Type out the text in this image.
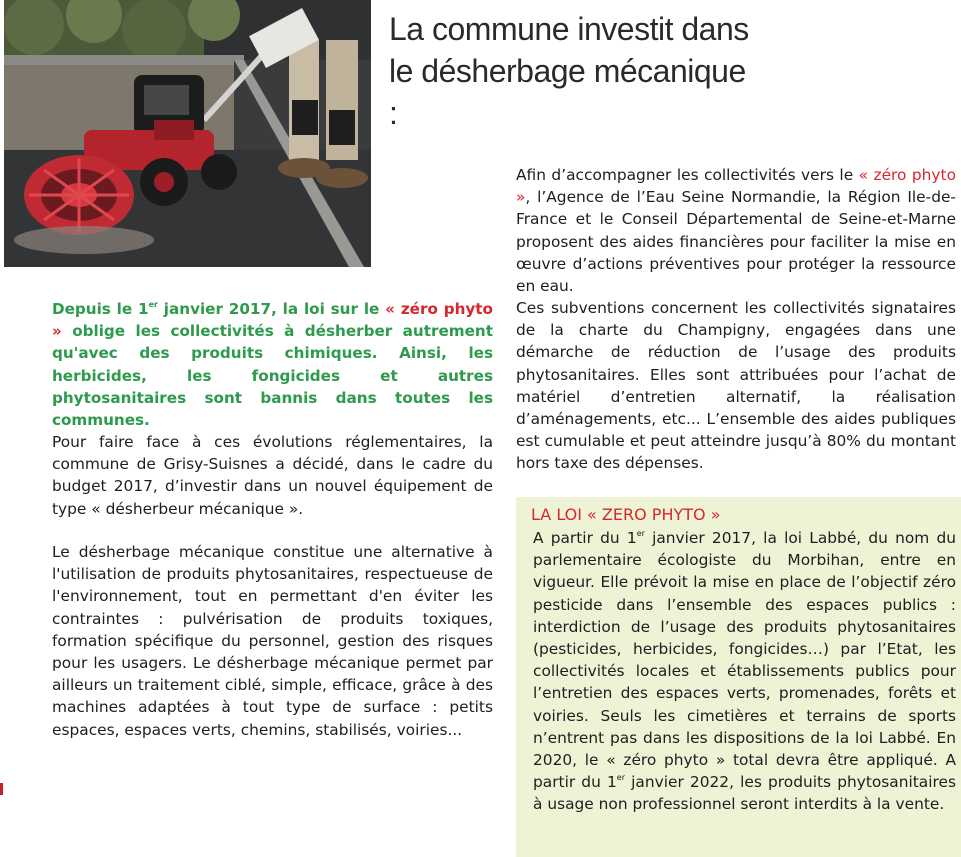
La commune investit dans le désherbage mécanique :

Depuis le 1er janvier 2017, la loi sur le « zéro phyto » oblige les collectivités à désherber autrement qu'avec des produits chimiques. Ainsi, les herbicides, les fongicides et autres phytosanitaires sont bannis dans toutes les communes.

Pour faire face à ces évolutions réglementaires, la commune de Grisy-Suisnes a décidé, dans le cadre du budget 2017, d’investir dans un nouvel équipement de type « désherbeur mécanique ».

Le désherbage mécanique constitue une alternative à l'utilisation de produits phytosanitaires, respectueuse de l'environnement, tout en permettant d'en éviter les contraintes : pulvérisation de produits toxiques, formation spécifique du personnel, gestion des risques pour les usagers. Le désherbage mécanique permet par ailleurs un traitement ciblé, simple, efficace, grâce à des machines adaptées à tout type de surface : petits espaces, espaces verts, chemins, stabilisés, voiries...

Afin d’accompagner les collectivités vers le « zéro phyto », l’Agence de l’Eau Seine Normandie, la Région Ile-de-France et le Conseil Départemental de Seine-et-Marne proposent des aides financières pour faciliter la mise en œuvre d’actions préventives pour protéger la ressource en eau.

Ces subventions concernent les collectivités signataires de la charte du Champigny, engagées dans une démarche de réduction de l’usage des produits phytosanitaires. Elles sont attribuées pour l’achat de matériel d’entretien alternatif, la réalisation d’aménagements, etc... L’ensemble des aides publiques est cumulable et peut atteindre jusqu’à 80% du montant hors taxe des dépenses.

LA LOI « ZERO PHYTO »

A partir du 1er janvier 2017, la loi Labbé, du nom du parlementaire écologiste du Morbihan, entre en vigueur. Elle prévoit la mise en place de l’objectif zéro pesticide dans l’ensemble des espaces publics : interdiction de l’usage des produits phytosanitaires (pesticides, herbicides, fongicides…) par l’Etat, les collectivités locales et établissements publics pour l’entretien des espaces verts, promenades, forêts et voiries. Seuls les cimetières et terrains de sports n’entrent pas dans les dispositions de la loi Labbé. En 2020, le « zéro phyto » total devra être appliqué. A partir du 1er janvier 2022, les produits phytosanitaires à usage non professionnel seront interdits à la vente.
